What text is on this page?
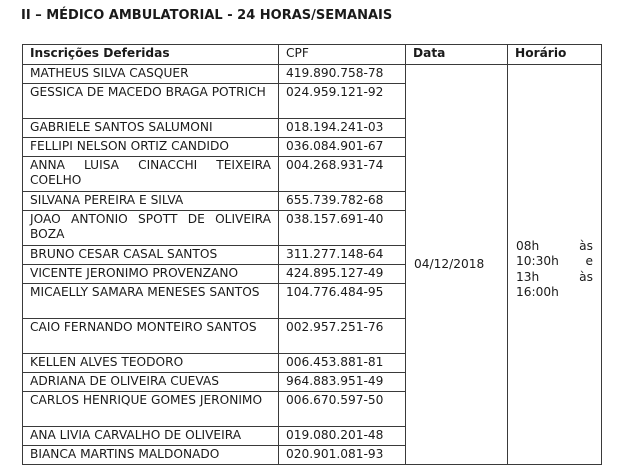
II – MÉDICO AMBULATORIAL - 24 HORAS/SEMANAIS
Inscrições Deferidas	CPF	Data	Horário
MATHEUS SILVA CASQUER	419.890.758-78	04/12/2018	08h às 10:30h e 13h às 16:00h
GESSICA DE MACEDO BRAGA POTRICH	024.959.121-92		
GABRIELE SANTOS SALUMONI	018.194.241-03		
FELLIPI NELSON ORTIZ CANDIDO	036.084.901-67		
ANNA LUISA CINACCHI TEIXEIRA COELHO	004.268.931-74		
SILVANA PEREIRA E SILVA	655.739.782-68		
JOAO ANTONIO SPOTT DE OLIVEIRA BOZA	038.157.691-40		
BRUNO CESAR CASAL SANTOS	311.277.148-64		
VICENTE JERONIMO PROVENZANO	424.895.127-49		
MICAELLY SAMARA MENESES SANTOS	104.776.484-95		
CAIO FERNANDO MONTEIRO SANTOS	002.957.251-76		
KELLEN ALVES TEODORO	006.453.881-81		
ADRIANA DE OLIVEIRA CUEVAS	964.883.951-49		
CARLOS HENRIQUE GOMES JERONIMO	006.670.597-50		
ANA LIVIA CARVALHO DE OLIVEIRA	019.080.201-48		
BIANCA MARTINS MALDONADO	020.901.081-93		
